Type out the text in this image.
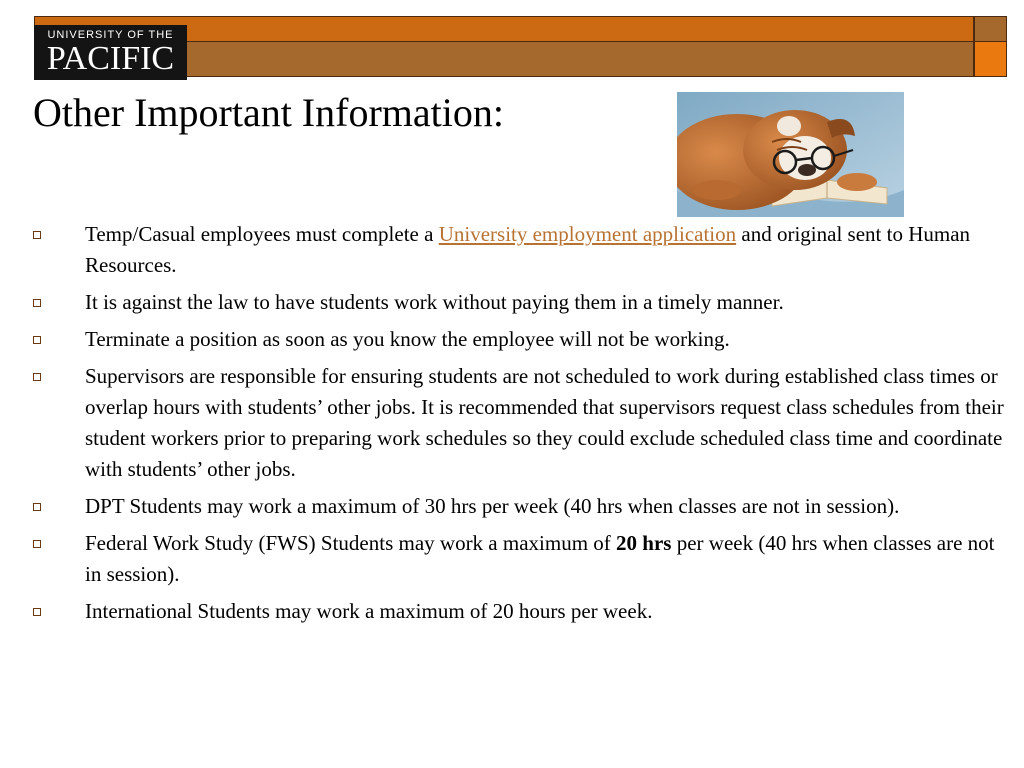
UNIVERSITY OF THE
PACIFIC
Other Important Information:
Temp/Casual employees must complete a University employment application and original sent to Human Resources.
It is against the law to have students work without paying them in a timely manner.
Terminate a position as soon as you know the employee will not be working.
Supervisors are responsible for ensuring students are not scheduled to work during established class times or overlap hours with students’ other jobs. It is recommended that supervisors request class schedules from their student workers prior to preparing work schedules so they could exclude scheduled class time and coordinate with students’ other jobs.
DPT Students may work a maximum of 30 hrs per week (40 hrs when classes are not in session).
Federal Work Study (FWS) Students may work a maximum of 20 hrs per week (40 hrs when classes are not in session).
International Students may work a maximum of 20 hours per week.
